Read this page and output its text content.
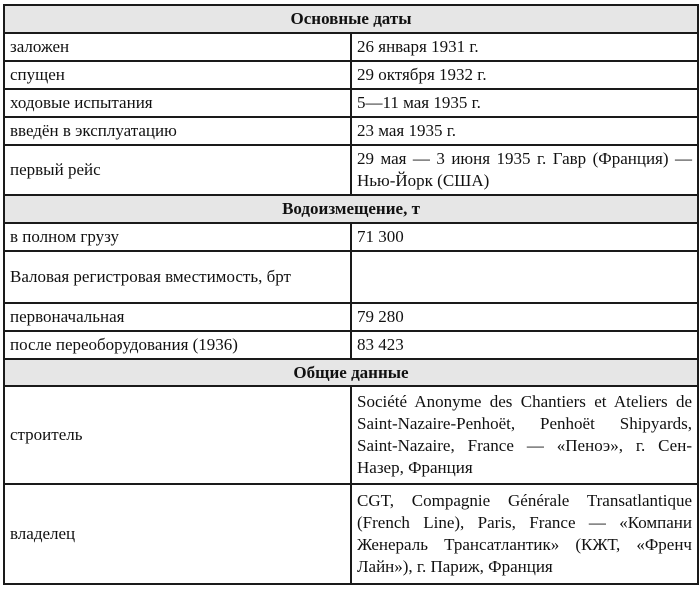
Основные даты	
заложен	26 января 1931 г.
спущен	29 октября 1932 г.
ходовые испытания	5—11 мая 1935 г.
введён в эксплуатацию	23 мая 1935 г.
первый рейс	29 мая — 3 июня 1935 г. Гавр (Франция) — Нью-Йорк (США)
Водоизмещение, т	
в полном грузу	71 300
Валовая регистровая вместимость, брт	
первоначальная	79 280
после переоборудования (1936)	83 423
Общие данные	
строитель	Société Anonyme des Chantiers et Ateliers de Saint-Nazaire-Penhoët, Penhoët Shipyards, Saint-Nazaire, France — «Пеноэ», г. Сен-Назер, Франция
владелец	CGT, Compagnie Générale Transatlantique (French Line), Paris, France — «Компани Женераль Трансатлантик» (КЖТ, «Френч Лайн»), г. Париж, Франция
